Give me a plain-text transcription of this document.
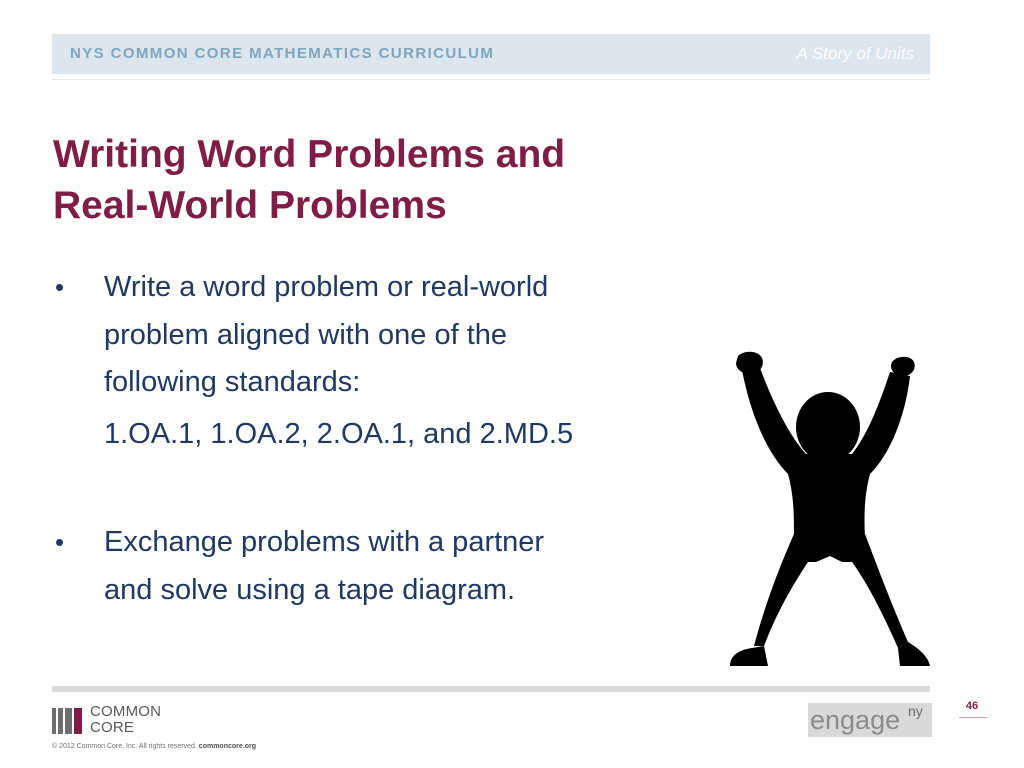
NYS COMMON CORE MATHEMATICS CURRICULUM	A Story of Units
Writing Word Problems and
Real-World Problems
• Write a word problem or real-world
problem aligned with one of the
following standards:
1.OA.1, 1.OA.2, 2.OA.1, and 2.MD.5
• Exchange problems with a partner
and solve using a tape diagram.
COMMON
CORE
© 2012 Common Core, Inc. All rights reserved. commoncore.org
engage ny	46
